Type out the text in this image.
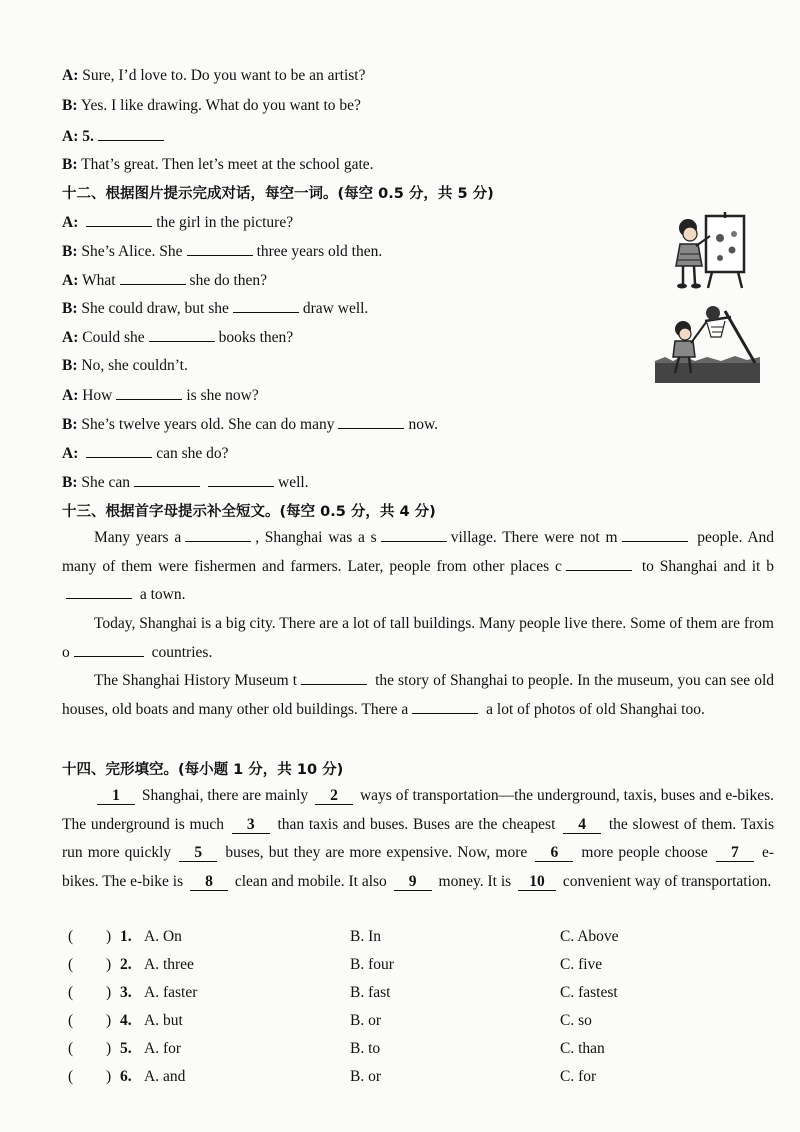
A: Sure, I’d love to. Do you want to be an artist?
B: Yes. I like drawing. What do you want to be?
A: 5.
B: That’s great. Then let’s meet at the school gate.
十二、根据图片提示完成对话，每空一词。(每空 0.5 分，共 5 分)
A:	the girl in the picture?
B: She’s Alice. She	three years old then.
A: What	she do then?
B: She could draw, but she	draw well.
A: Could she	books then?
B: No, she couldn’t.
A: How	is she now?
B: She’s twelve years old. She can do many	now.
A:	can she do?
B: She can	well.
十三、根据首字母提示补全短文。(每空 0.5 分，共 4 分)
Many years a	, Shanghai was a s	village. There were not m	people. And many of them were fishermen and farmers. Later, people from other places c	to Shanghai and it b a town.
Today, Shanghai is a big city. There are a lot of tall buildings. Many people live there. Some of them are from o	countries.
The Shanghai History Museum t	the story of Shanghai to people. In the museum, you can see old houses, old boats and many other old buildings. There a	a lot of photos of old Shanghai too.
十四、完形填空。(每小题 1 分，共 10 分)
1 Shanghai, there are mainly 2 ways of transportation—the underground, taxis, buses and e-bikes. The underground is much 3 than taxis and buses. Buses are the cheapest 4 the slowest of them. Taxis run more quickly 5 buses, but they are more expensive. Now, more 6 more people choose 7 e-bikes. The e-bike is 8 clean and mobile. It also 9 money. It is 10 convenient way of transportation.
( ) 1. A. On	B. In	C. Above
( ) 2. A. three	B. four	C. five
( ) 3. A. faster	B. fast	C. fastest
( ) 4. A. but	B. or	C. so
( ) 5. A. for	B. to	C. than
( ) 6. A. and	B. or	C. for
